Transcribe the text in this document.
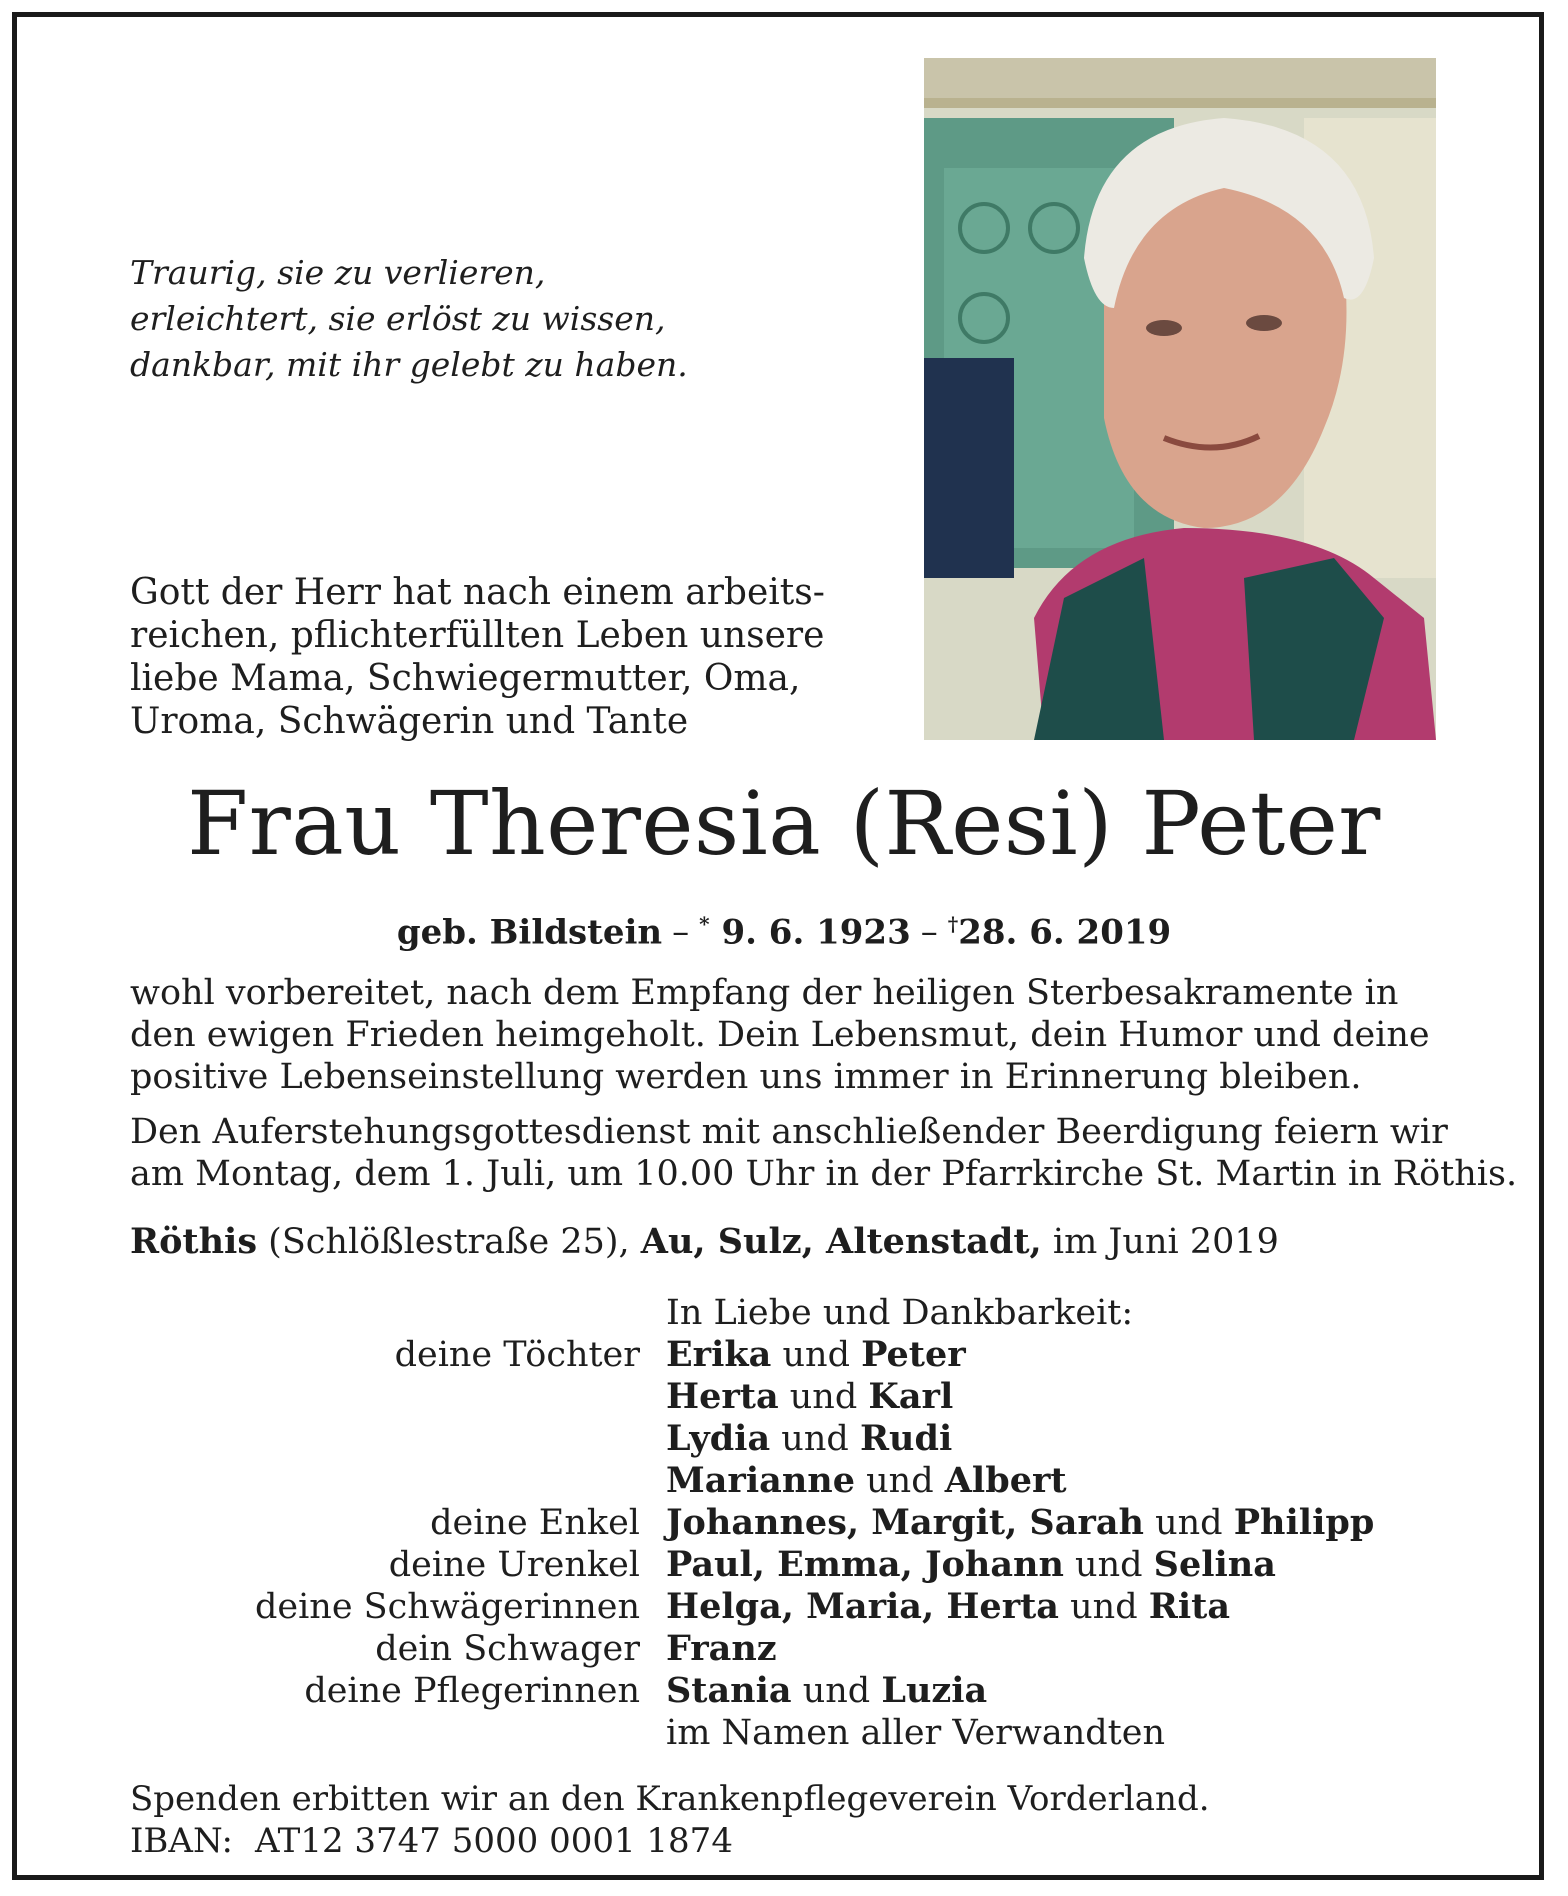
Traurig, sie zu verlieren,
erleichtert, sie erlöst zu wissen,
dankbar, mit ihr gelebt zu haben.
Gott der Herr hat nach einem arbeits-
reichen, pflichterfüllten Leben unsere
liebe Mama, Schwiegermutter, Oma,
Uroma, Schwägerin und Tante
Frau Theresia (Resi) Peter
geb. Bildstein – * 9. 6. 1923 – †28. 6. 2019
wohl vorbereitet, nach dem Empfang der heiligen Sterbesakramente in
den ewigen Frieden heimgeholt. Dein Lebensmut, dein Humor und deine
positive Lebenseinstellung werden uns immer in Erinnerung bleiben.
Den Auferstehungsgottesdienst mit anschließender Beerdigung feiern wir
am Montag, dem 1. Juli, um 10.00 Uhr in der Pfarrkirche St. Martin in Röthis.
Röthis (Schlößlestraße 25), Au, Sulz, Altenstadt, im Juni 2019
In Liebe und Dankbarkeit:
deine Töchter Erika und Peter
Herta und Karl
Lydia und Rudi
Marianne und Albert
deine Enkel Johannes, Margit, Sarah und Philipp
deine Urenkel Paul, Emma, Johann und Selina
deine Schwägerinnen Helga, Maria, Herta und Rita
dein Schwager Franz
deine Pflegerinnen Stania und Luzia
im Namen aller Verwandten
Spenden erbitten wir an den Krankenpflegeverein Vorderland.
IBAN: AT12 3747 5000 0001 1874
